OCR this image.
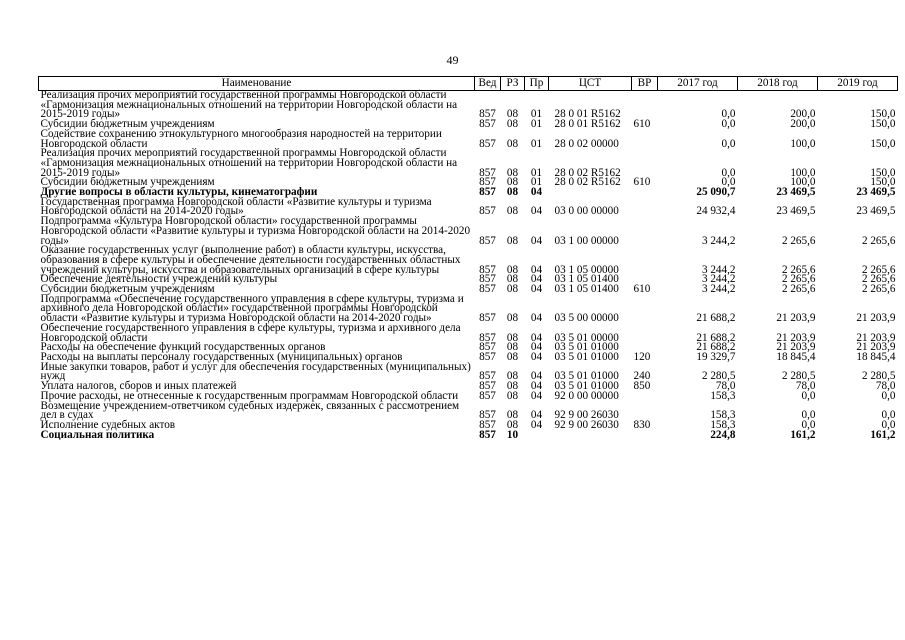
49
Наименование	Вед	РЗ	Пр	ЦСТ	ВР	2017 год	2018 год	2019 год
Реализация прочих мероприятий государственной программы Новгородской области «Гармонизация межнациональных отношений на территории Новгородской области на 2015-2019 годы»	857	08	01	28 0 01 R5162		0,0	200,0	150,0
Субсидии бюджетным учреждениям	857	08	01	28 0 01 R5162	610	0,0	200,0	150,0
Содействие сохранению этнокультурного многообразия народностей на территории Новгородской области	857	08	01	28 0 02 00000		0,0	100,0	150,0
Реализация прочих мероприятий государственной программы Новгородской области «Гармонизация межнациональных отношений на территории Новгородской области на 2015-2019 годы»	857	08	01	28 0 02 R5162		0,0	100,0	150,0
Субсидии бюджетным учреждениям	857	08	01	28 0 02 R5162	610	0,0	100,0	150,0
Другие вопросы в области культуры, кинематографии	857	08	04			25 090,7	23 469,5	23 469,5
Государственная программа Новгородской области «Развитие культуры и туризма Новгородской области на 2014-2020 годы»	857	08	04	03 0 00 00000		24 932,4	23 469,5	23 469,5
Подпрограмма «Культура Новгородской области» государственной программы Новгородской области «Развитие культуры и туризма Новгородской области на 2014-2020 годы»	857	08	04	03 1 00 00000		3 244,2	2 265,6	2 265,6
Оказание государственных услуг (выполнение работ) в области культуры, искусства, образования в сфере культуры и обеспечение деятельности государственных областных учреждений культуры, искусства и образовательных организаций в сфере культуры	857	08	04	03 1 05 00000		3 244,2	2 265,6	2 265,6
Обеспечение деятельности учреждений культуры	857	08	04	03 1 05 01400		3 244,2	2 265,6	2 265,6
Субсидии бюджетным учреждениям	857	08	04	03 1 05 01400	610	3 244,2	2 265,6	2 265,6
Подпрограмма «Обеспечение государственного управления в сфере культуры, туризма и архивного дела Новгородской области» государственной программы Новгородской области «Развитие культуры и туризма Новгородской области на 2014-2020 годы»	857	08	04	03 5 00 00000		21 688,2	21 203,9	21 203,9
Обеспечение государственного управления в сфере культуры, туризма и архивного дела Новгородской области	857	08	04	03 5 01 00000		21 688,2	21 203,9	21 203,9
Расходы на обеспечение функций государственных органов	857	08	04	03 5 01 01000		21 688,2	21 203,9	21 203,9
Расходы на выплаты персоналу государственных (муниципальных) органов	857	08	04	03 5 01 01000	120	19 329,7	18 845,4	18 845,4
Иные закупки товаров, работ и услуг для обеспечения государственных (муниципальных) нужд	857	08	04	03 5 01 01000	240	2 280,5	2 280,5	2 280,5
Уплата налогов, сборов и иных платежей	857	08	04	03 5 01 01000	850	78,0	78,0	78,0
Прочие расходы, не отнесенные к государственным программам Новгородской области	857	08	04	92 0 00 00000		158,3	0,0	0,0
Возмещение учреждением-ответчиком судебных издержек, связанных с рассмотрением дел в судах	857	08	04	92 9 00 26030		158,3	0,0	0,0
Исполнение судебных актов	857	08	04	92 9 00 26030	830	158,3	0,0	0,0
Социальная политика	857	10				224,8	161,2	161,2
